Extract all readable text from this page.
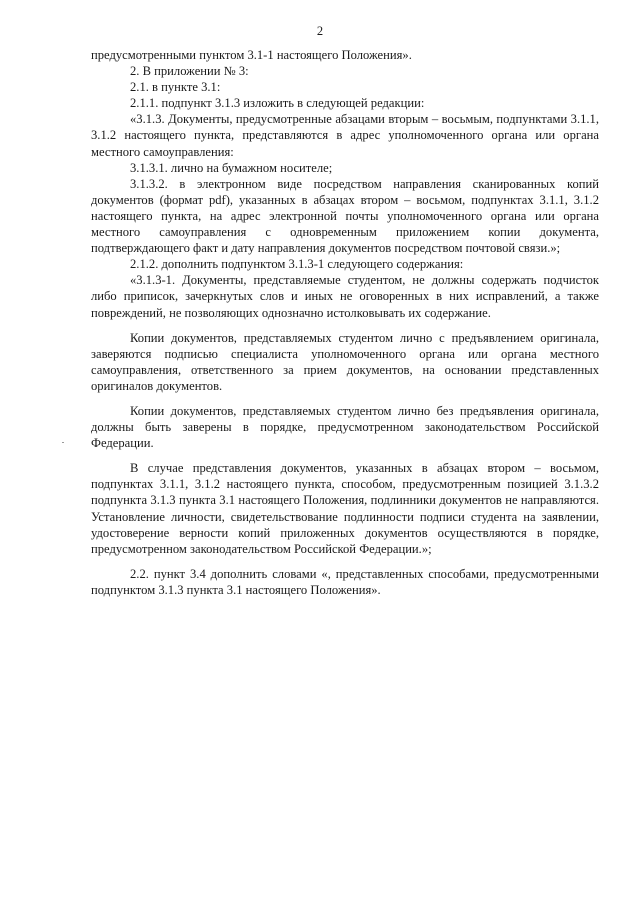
2

предусмотренными пунктом 3.1-1 настоящего Положения».

2. В приложении № 3:

2.1. в пункте 3.1:

2.1.1. подпункт 3.1.3 изложить в следующей редакции:

«3.1.3. Документы, предусмотренные абзацами вторым – восьмым, подпунктами 3.1.1, 3.1.2 настоящего пункта, представляются в адрес уполномоченного органа или органа местного самоуправления:

3.1.3.1. лично на бумажном носителе;

3.1.3.2. в электронном виде посредством направления сканированных копий документов (формат pdf), указанных в абзацах втором – восьмом, подпунктах 3.1.1, 3.1.2 настоящего пункта, на адрес электронной почты уполномоченного органа или органа местного самоуправления с одновременным приложением копии документа, подтверждающего факт и дату направления документов посредством почтовой связи.»;

2.1.2. дополнить подпунктом 3.1.3-1 следующего содержания:

«3.1.3-1. Документы, представляемые студентом, не должны содержать подчисток либо приписок, зачеркнутых слов и иных не оговоренных в них исправлений, а также повреждений, не позволяющих однозначно истолковывать их содержание.

Копии документов, представляемых студентом лично с предъявлением оригинала, заверяются подписью специалиста уполномоченного органа или органа местного самоуправления, ответственного за прием документов, на основании представленных оригиналов документов.

Копии документов, представляемых студентом лично без предъявления оригинала, должны быть заверены в порядке, предусмотренном законодательством Российской Федерации.

В случае представления документов, указанных в абзацах втором – восьмом, подпунктах 3.1.1, 3.1.2 настоящего пункта, способом, предусмотренным позицией 3.1.3.2 подпункта 3.1.3 пункта 3.1 настоящего Положения, подлинники документов не направляются. Установление личности, свидетельствование подлинности подписи студента на заявлении, удостоверение верности копий приложенных документов осуществляются в порядке, предусмотренном законодательством Российской Федерации.»;

2.2. пункт 3.4 дополнить словами «, представленных способами, предусмотренными подпунктом 3.1.3 пункта 3.1 настоящего Положения».
